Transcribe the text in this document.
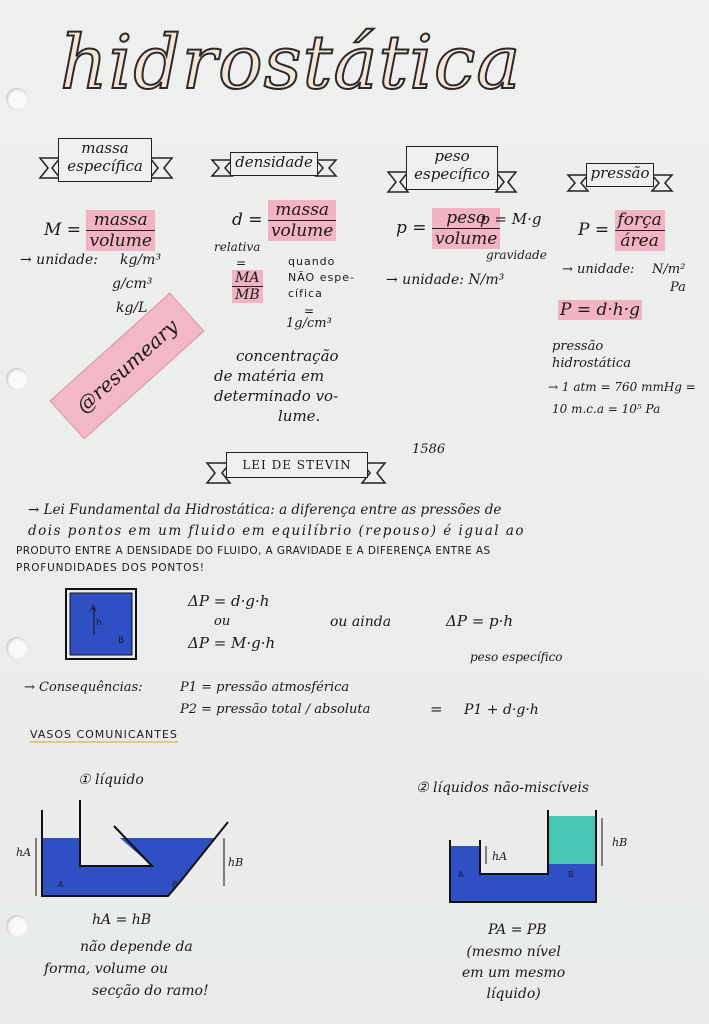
hidrostática
massa
específica	densidade	peso
específico	pressão
$M = \frac{\text{massa}}{\text{volume}}$
→ unidade: kg/m³
g/cm³
kg/L
$d = \frac{\text{massa}}{\text{volume}}$
relativa
=
$\frac{MA}{MB}$
quando
NÃO espe-
cífica
=
1g/cm³
concentração
de matéria em
determinado vo-
lume.
$p = \frac{\text{peso}}{\text{volume}}$
p = M·g
gravidade
→ unidade: N/m³
$P = \frac{\text{força}}{\text{área}}$
→ unidade: N/m²
Pa
P = d·h·g
pressão
hidrostática
→ 1 atm = 760 mmHg =
10 m.c.a = 10⁵ Pa
@resumeary
LEI DE STEVIN
1586
→ Lei Fundamental da Hidrostática: a diferença entre as pressões de
dois pontos em um fluido em equilíbrio (repouso) é igual ao
PRODUTO ENTRE A DENSIDADE DO FLUIDO, A GRAVIDADE E A DIFERENÇA ENTRE AS
PROFUNDIDADES DOS PONTOS!
A
h
B
ΔP = d·g·h
ou
ΔP = M·g·h
ou ainda	ΔP = p·h
peso específico
→ Consequências:	P1 = pressão atmosférica
P2 = pressão total / absoluta	= P1 + d·g·h
VASOS COMUNICANTES
① líquido
hA
hB
A	B
hA = hB
não depende da
forma, volume ou
secção do ramo!
② líquidos não-miscíveis
hA
hB
A	B
PA = PB
(mesmo nível
em um mesmo
líquido)
